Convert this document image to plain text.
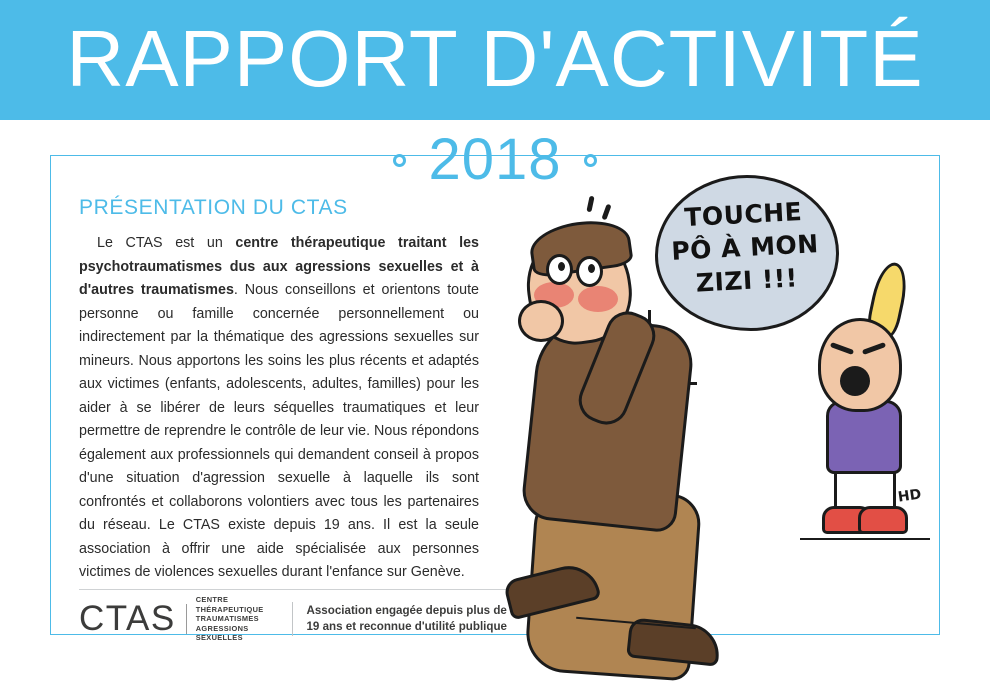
RAPPORT D'ACTIVITÉ
2018
PRÉSENTATION DU CTAS
Le CTAS est un centre thérapeutique traitant les psychotraumatismes dus aux agressions sexuelles et à d'autres traumatismes. Nous conseillons et orientons toute personne ou famille concernée personnellement ou indirectement par la thématique des agressions sexuelles sur mineurs. Nous apportons les soins les plus récents et adaptés aux victimes (enfants, adolescents, adultes, familles) pour les aider à se libérer de leurs séquelles traumatiques et leur permettre de reprendre le contrôle de leur vie. Nous répondons également aux professionnels qui demandent conseil à propos d'une situation d'agression sexuelle à laquelle ils sont confrontés et collaborons volontiers avec tous les partenaires du réseau. Le CTAS existe depuis 19 ans. Il est la seule association à offrir une aide spécialisée aux personnes victimes de violences sexuelles durant l'enfance sur Genève.
CTAS	CENTRE THÉRAPEUTIQUE
TRAUMATISMES
AGRESSIONS SEXUELLES
Association engagée depuis plus de
19 ans et reconnue d'utilité publique
TOUCHE
PÔ À MON
ZIZI !!!
HD
